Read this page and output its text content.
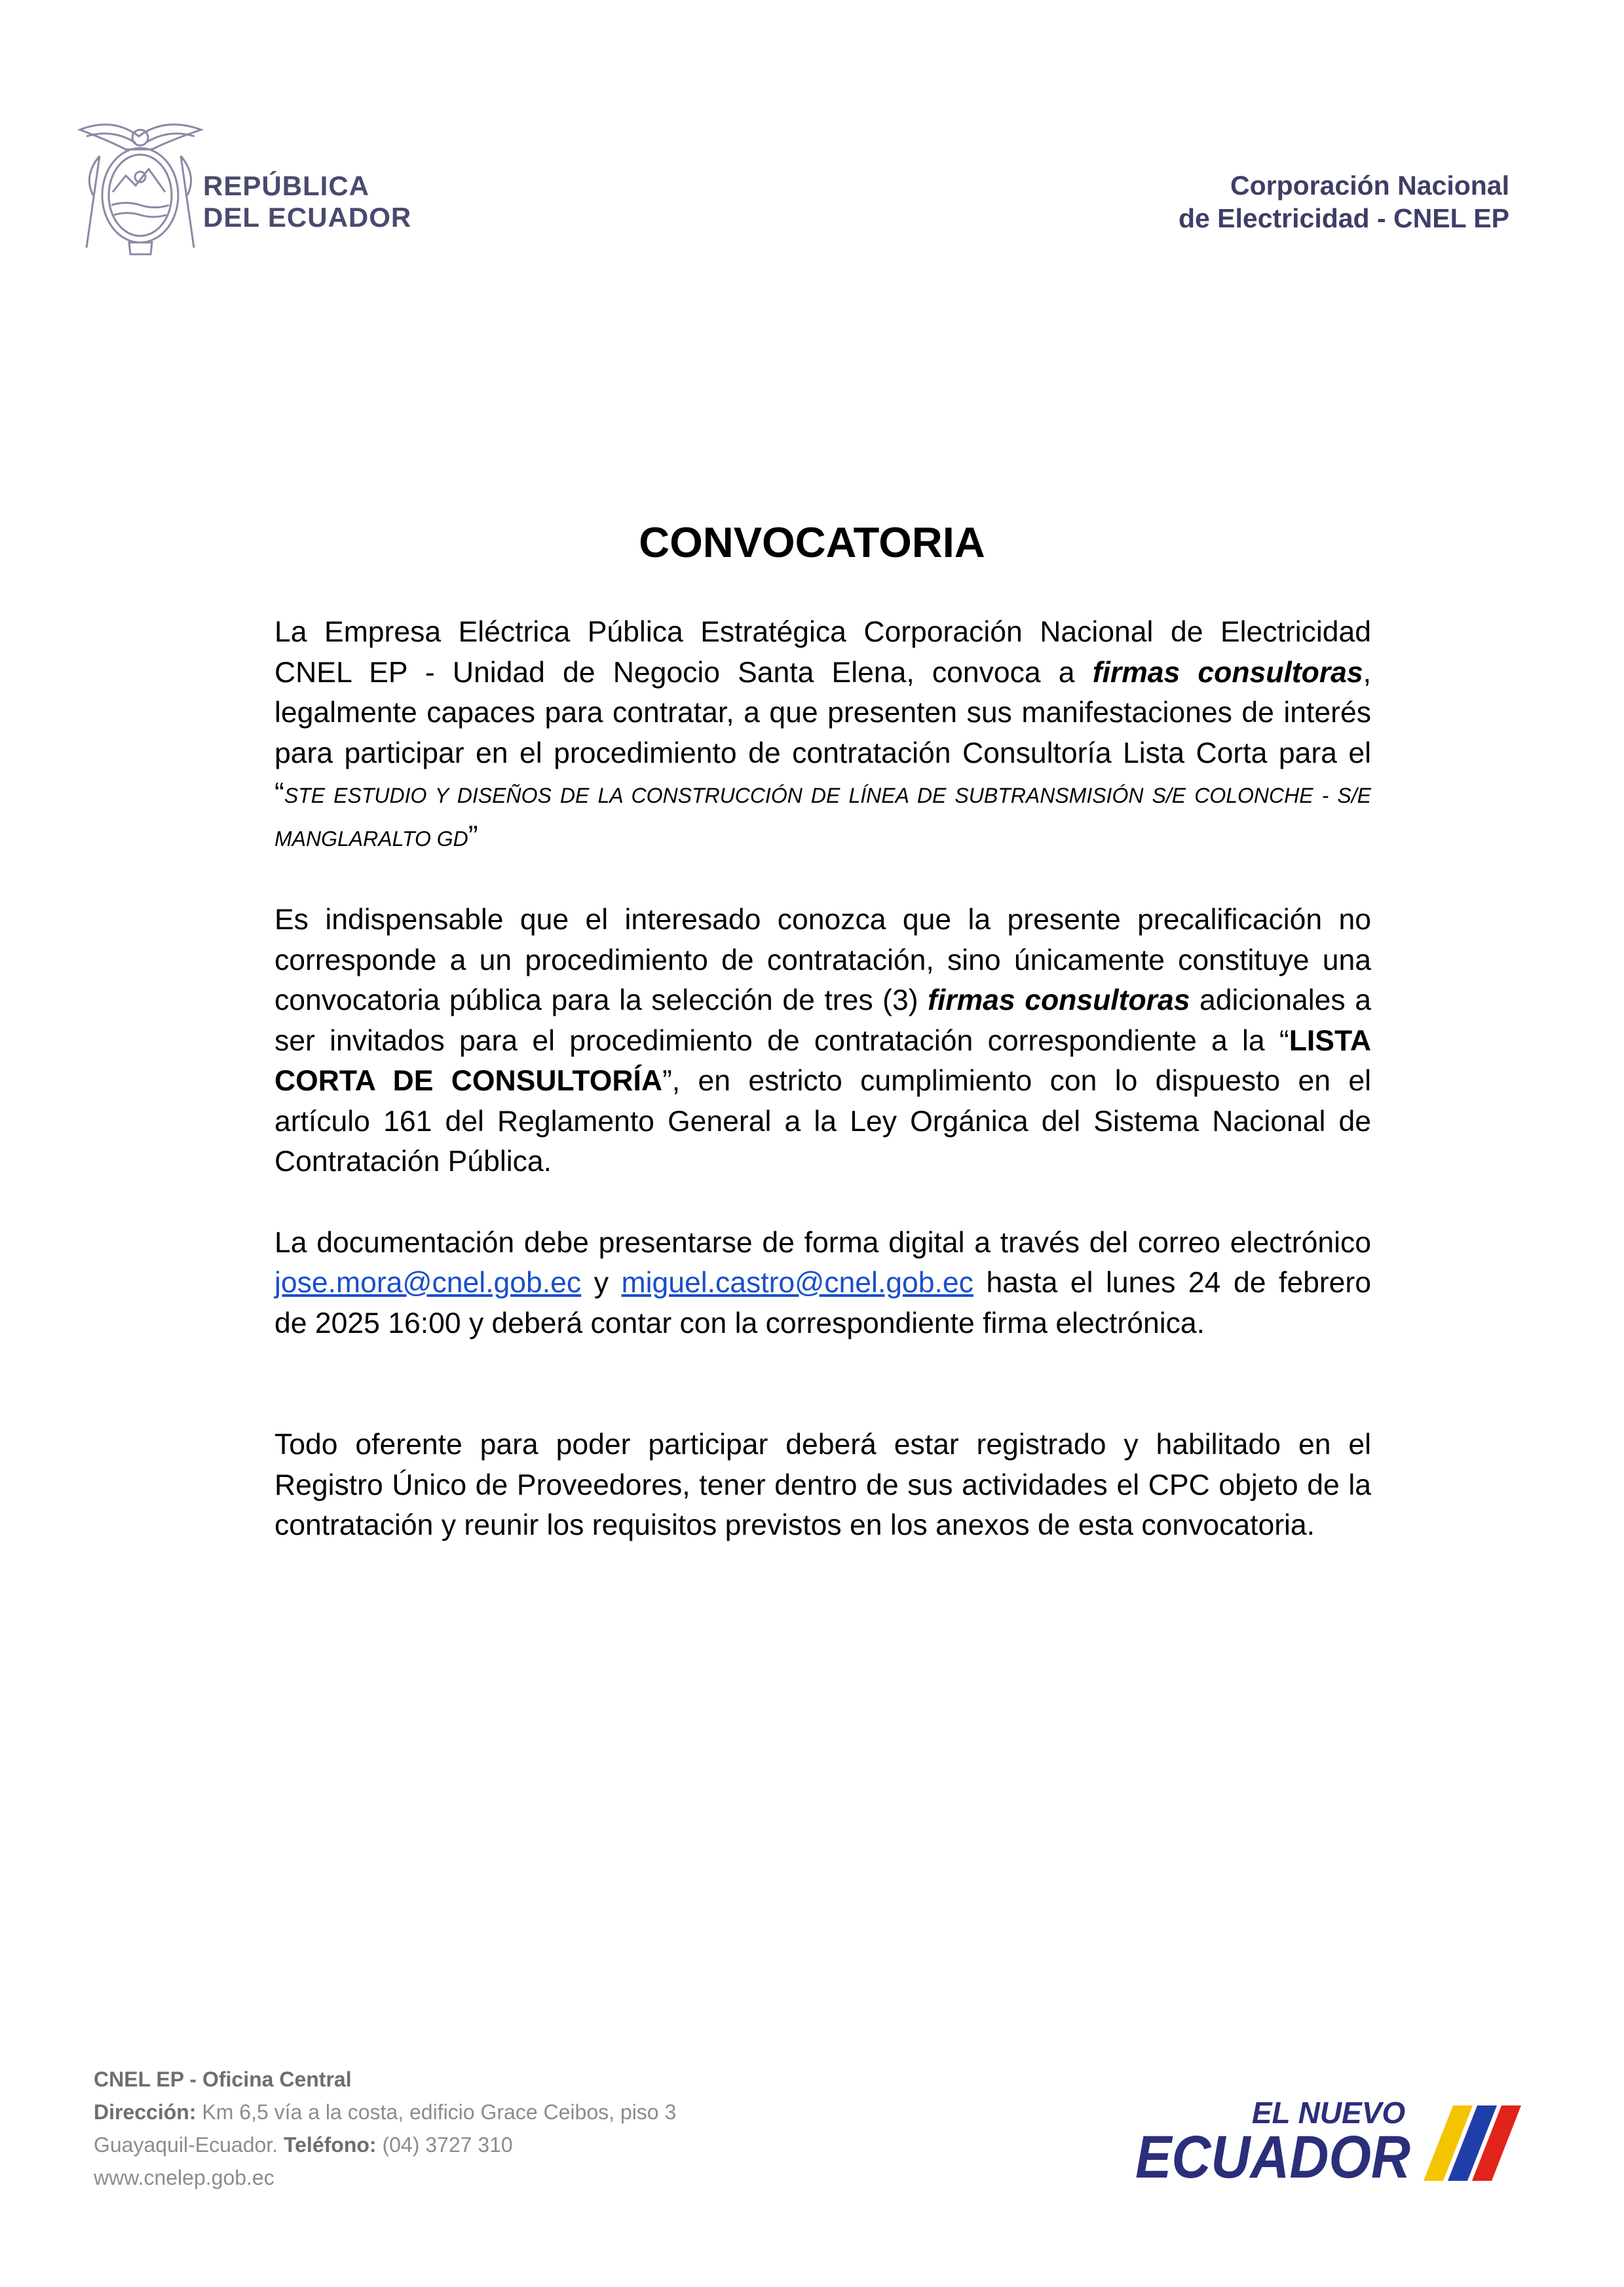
REPÚBLICA
DEL ECUADOR
Corporación Nacional
de Electricidad - CNEL EP
CONVOCATORIA

La Empresa Eléctrica Pública Estratégica Corporación Nacional de Electricidad CNEL EP - Unidad de Negocio Santa Elena, convoca a firmas consultoras, legalmente capaces para contratar, a que presenten sus manifestaciones de interés para participar en el procedimiento de contratación Consultoría Lista Corta para el “STE ESTUDIO Y DISEÑOS DE LA CONSTRUCCIÓN DE LÍNEA DE SUBTRANSMISIÓN S/E COLONCHE - S/E MANGLARALTO GD”

Es indispensable que el interesado conozca que la presente precalificación no corresponde a un procedimiento de contratación, sino únicamente constituye una convocatoria pública para la selección de tres (3) firmas consultoras adicionales a ser invitados para el procedimiento de contratación correspondiente a la “LISTA CORTA DE CONSULTORÍA”, en estricto cumplimiento con lo dispuesto en el artículo 161 del Reglamento General a la Ley Orgánica del Sistema Nacional de Contratación Pública.

La documentación debe presentarse de forma digital a través del correo electrónico jose.mora@cnel.gob.ec y miguel.castro@cnel.gob.ec hasta el lunes 24 de febrero de 2025 16:00 y deberá contar con la correspondiente firma electrónica.

Todo oferente para poder participar deberá estar registrado y habilitado en el Registro Único de Proveedores, tener dentro de sus actividades el CPC objeto de la contratación y reunir los requisitos previstos en los anexos de esta convocatoria.

CNEL EP - Oficina Central
Dirección: Km 6,5 vía a la costa, edificio Grace Ceibos, piso 3
Guayaquil-Ecuador. Teléfono: (04) 3727 310
www.cnelep.gob.ec
EL NUEVO
ECUADOR
